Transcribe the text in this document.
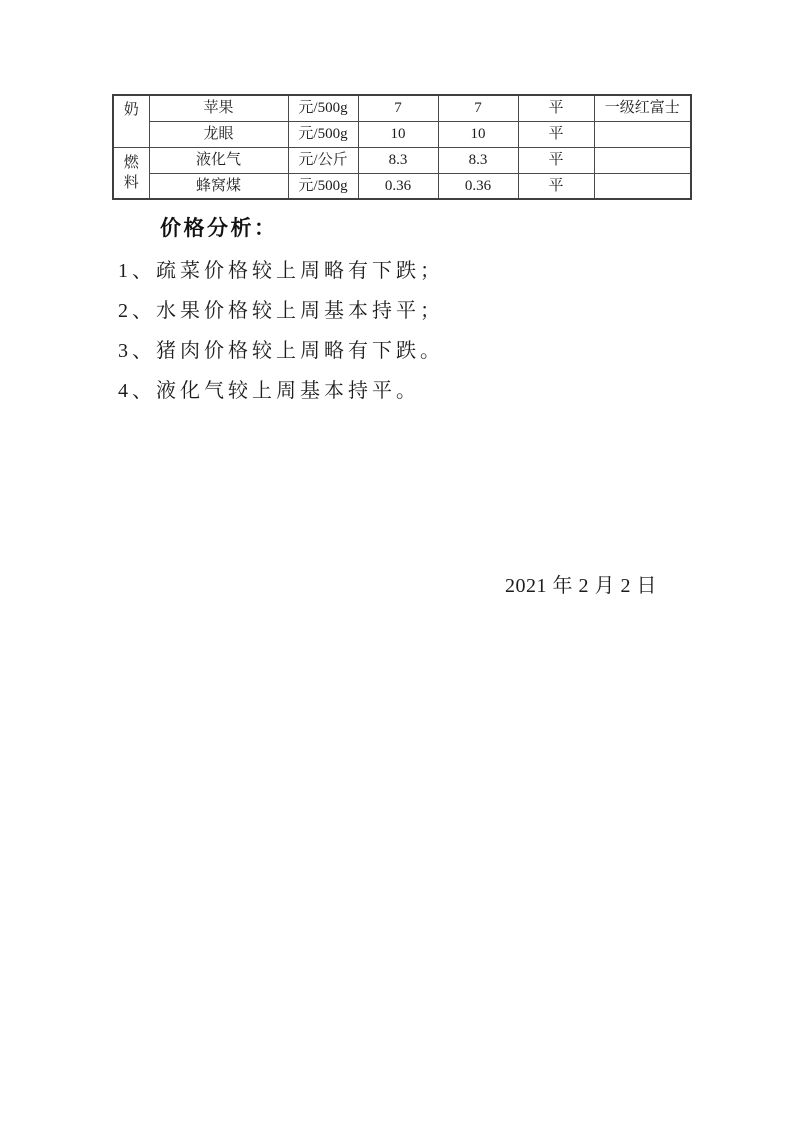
奶	苹果	元/500g	7	7	平	一级红富士
	龙眼	元/500g	10	10	平	
燃料	液化气	元/公斤	8.3	8.3	平	
	蜂窝煤	元/500g	0.36	0.36	平	
价格分析：
1、疏菜价格较上周略有下跌；
2、水果价格较上周基本持平；
3、猪肉价格较上周略有下跌。
4、液化气较上周基本持平。
2021 年 2 月 2 日
